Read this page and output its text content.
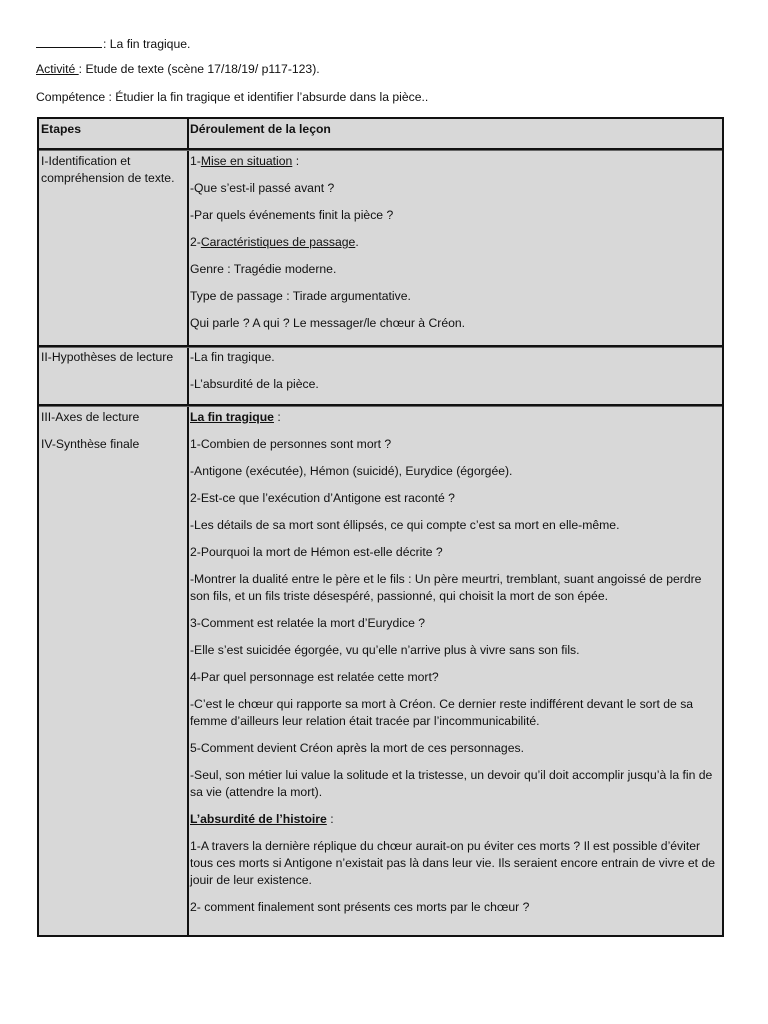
: La fin tragique.
Activité : Etude de texte (scène 17/18/19/ p117-123).
Compétence : Étudier la fin tragique et identifier l’absurde dans la pièce..
Etapes	Déroulement de la leçon
I-Identification et compréhension de texte.

1-Mise en situation :

-Que s’est-il passé avant ?

-Par quels événements finit la pièce ?

2-Caractéristiques de passage.

Genre : Tragédie moderne.

Type de passage : Tirade argumentative.

Qui parle ? A qui ? Le messager/le chœur à Créon.

II-Hypothèses de lecture	-La fin tragique.

-L’absurdité de la pièce.

III-Axes de lecture

IV-Synthèse finale

La fin tragique :

1-Combien de personnes sont mort ?

-Antigone (exécutée), Hémon (suicidé), Eurydice (égorgée).

2-Est-ce que l’exécution d’Antigone est raconté ?

-Les détails de sa mort sont éllipsés, ce qui compte c’est sa mort en elle-même.

2-Pourquoi la mort de Hémon est-elle décrite ?

-Montrer la dualité entre le père et le fils : Un père meurtri, tremblant, suant angoissé de perdre son fils, et un fils triste désespéré, passionné, qui choisit la mort de son épée.

3-Comment est relatée la mort d’Eurydice ?

-Elle s’est suicidée égorgée, vu qu’elle n’arrive plus à vivre sans son fils.

4-Par quel personnage est relatée cette mort?

-C’est le chœur qui rapporte sa mort à Créon. Ce dernier reste indifférent devant le sort de sa femme d’ailleurs leur relation était tracée par l’incommunicabilité.

5-Comment devient Créon après la mort de ces personnages.

-Seul, son métier lui value la solitude et la tristesse, un devoir qu’il doit accomplir jusqu’à la fin de sa vie (attendre la mort).

L’absurdité de l’histoire :

1-A travers la dernière réplique du chœur aurait-on pu éviter ces morts ? Il est possible d’éviter tous ces morts si Antigone n’existait pas là dans leur vie. Ils seraient encore entrain de vivre et de jouir de leur existence.

2- comment finalement sont présents ces morts par le chœur ?
